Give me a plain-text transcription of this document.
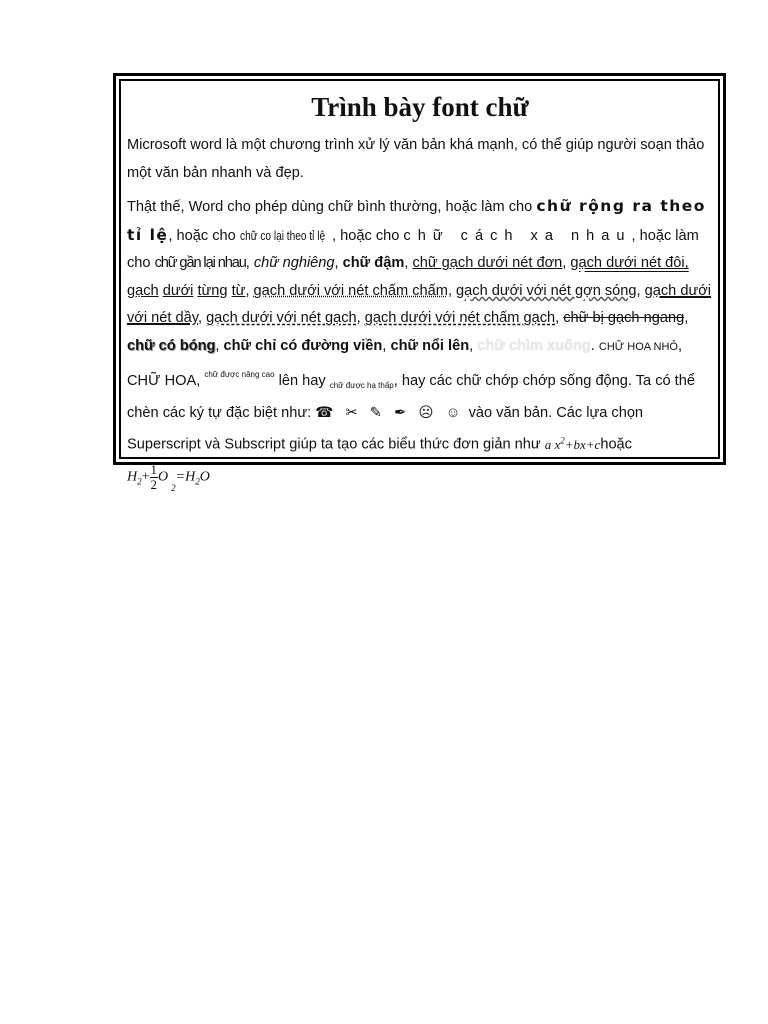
Trình bày font chữ

Microsoft word là một chương trình xử lý văn bản khá mạnh, có thể giúp người soạn thảo một văn bản nhanh và đẹp.

Thật thế, Word cho phép dùng chữ bình thường, hoặc làm cho chữ rộng ra theo tỉ lệ, hoặc cho chữ co lại theo tỉ lệ , hoặc cho chữ cách xa nhau, hoặc làm cho chữ gần lại nhau, chữ nghiêng, chữ đậm, chữ gạch dưới nét đơn, gạch dưới nét đôi, gạch dưới từng từ, gạch dưới với nét chấm chấm, gạch dưới với nét gợn sóng, gạch dưới với nét dầy, gạch dưới với nét gạch, gạch dưới với nét chấm gạch, chữ bị gạch ngang, chữ có bóng, chữ chỉ có đường viền, chữ nổi lên, chữ chìm xuống. CHỮ HOA NHỎ, CHỮ HOA, $^{chữ được nâng cao}$ lên hay $_{chữ được hạ thấp}$, hay các chữ chớp chớp sống động. Ta có thể chèn các ký tự đặc biệt như: ☎ ✂ ✎ ✒ ☹ ☺ vào văn bản. Các lựa chọn Superscript và Subscript giúp ta tạo các biểu thức đơn giản như a $x^2+bx+choặc$ $H_2+ \frac{1}{2} O_2=H_2O$
